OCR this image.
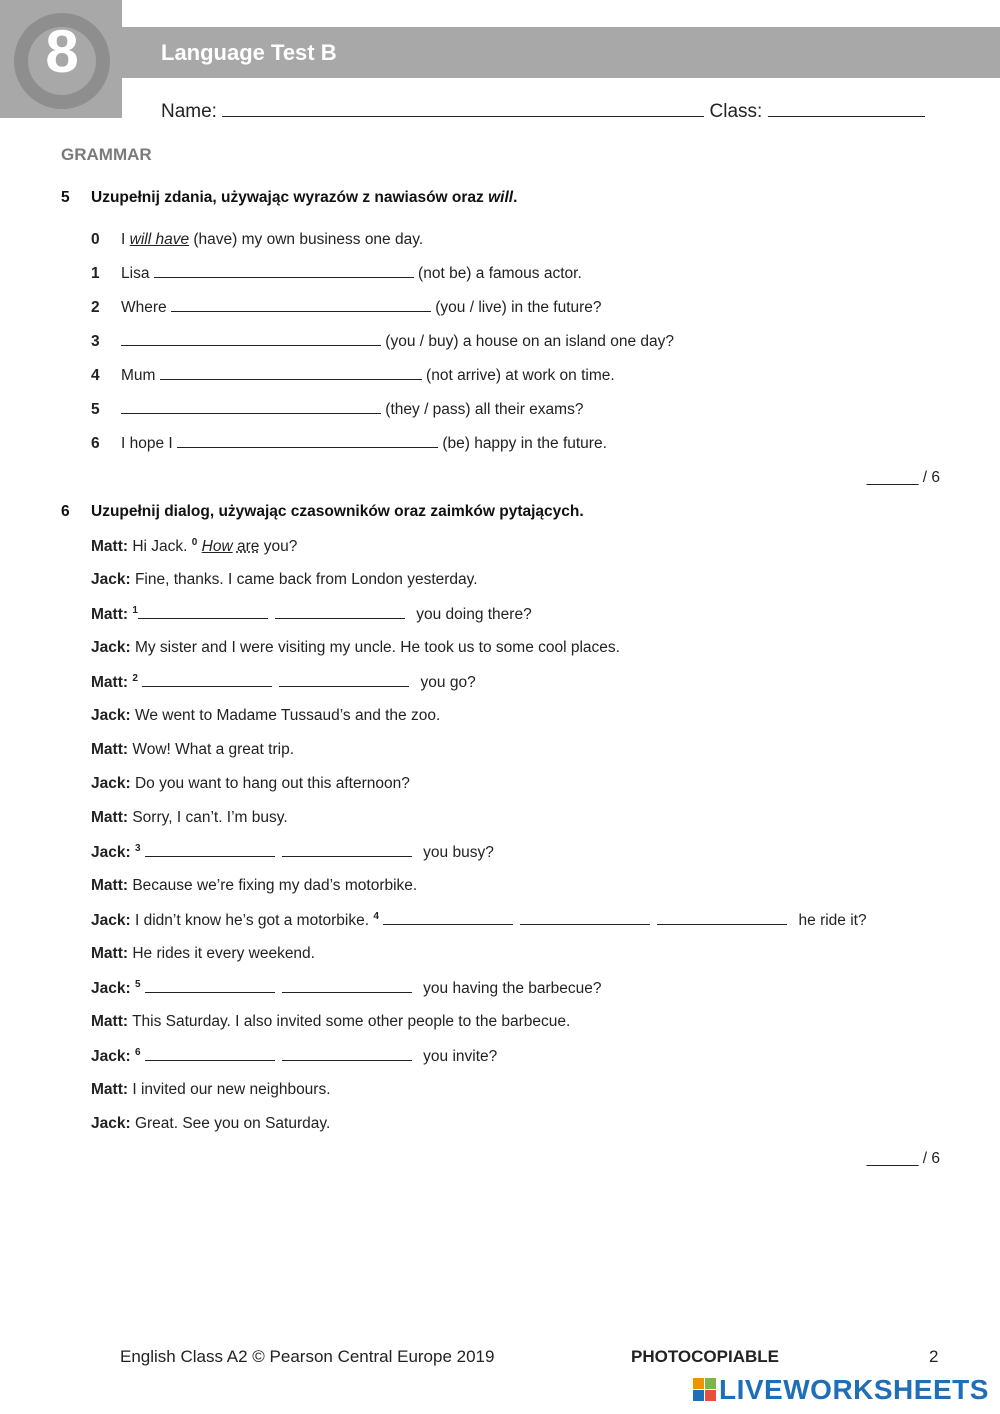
8	Language Test B
Name:	Class:
GRAMMAR
5 Uzupełnij zdania, używając wyrazów z nawiasów oraz will.
0 I will have (have) my own business one day.
1 Lisa	(not be) a famous actor.
2 Where	(you / live) in the future?
3	(you / buy) a house on an island one day?
4 Mum	(not arrive) at work on time.
5	(they / pass) all their exams?
6 I hope I	(be) happy in the future.
______ / 6
6 Uzupełnij dialog, używając czasowników oraz zaimków pytających.
Matt: Hi Jack. $^0$ How are you?
Jack: Fine, thanks. I came back from London yesterday.
Matt: $^1$	you doing there?
Jack: My sister and I were visiting my uncle. He took us to some cool places.
Matt: $^2$	you go?
Jack: We went to Madame Tussaud’s and the zoo.
Matt: Wow! What a great trip.
Jack: Do you want to hang out this afternoon?
Matt: Sorry, I can’t. I’m busy.
Jack: $^3$	you busy?
Matt: Because we’re fixing my dad’s motorbike.
Jack: I didn’t know he’s got a motorbike. $^4$	he ride it?
Matt: He rides it every weekend.
Jack: $^5$	you having the barbecue?
Matt: This Saturday. I also invited some other people to the barbecue.
Jack: $^6$	you invite?
Matt: I invited our new neighbours.
Jack: Great. See you on Saturday.
______ / 6
English Class A2 © Pearson Central Europe 2019	PHOTOCOPIABLE	2
LIVEWORKSHEETS
